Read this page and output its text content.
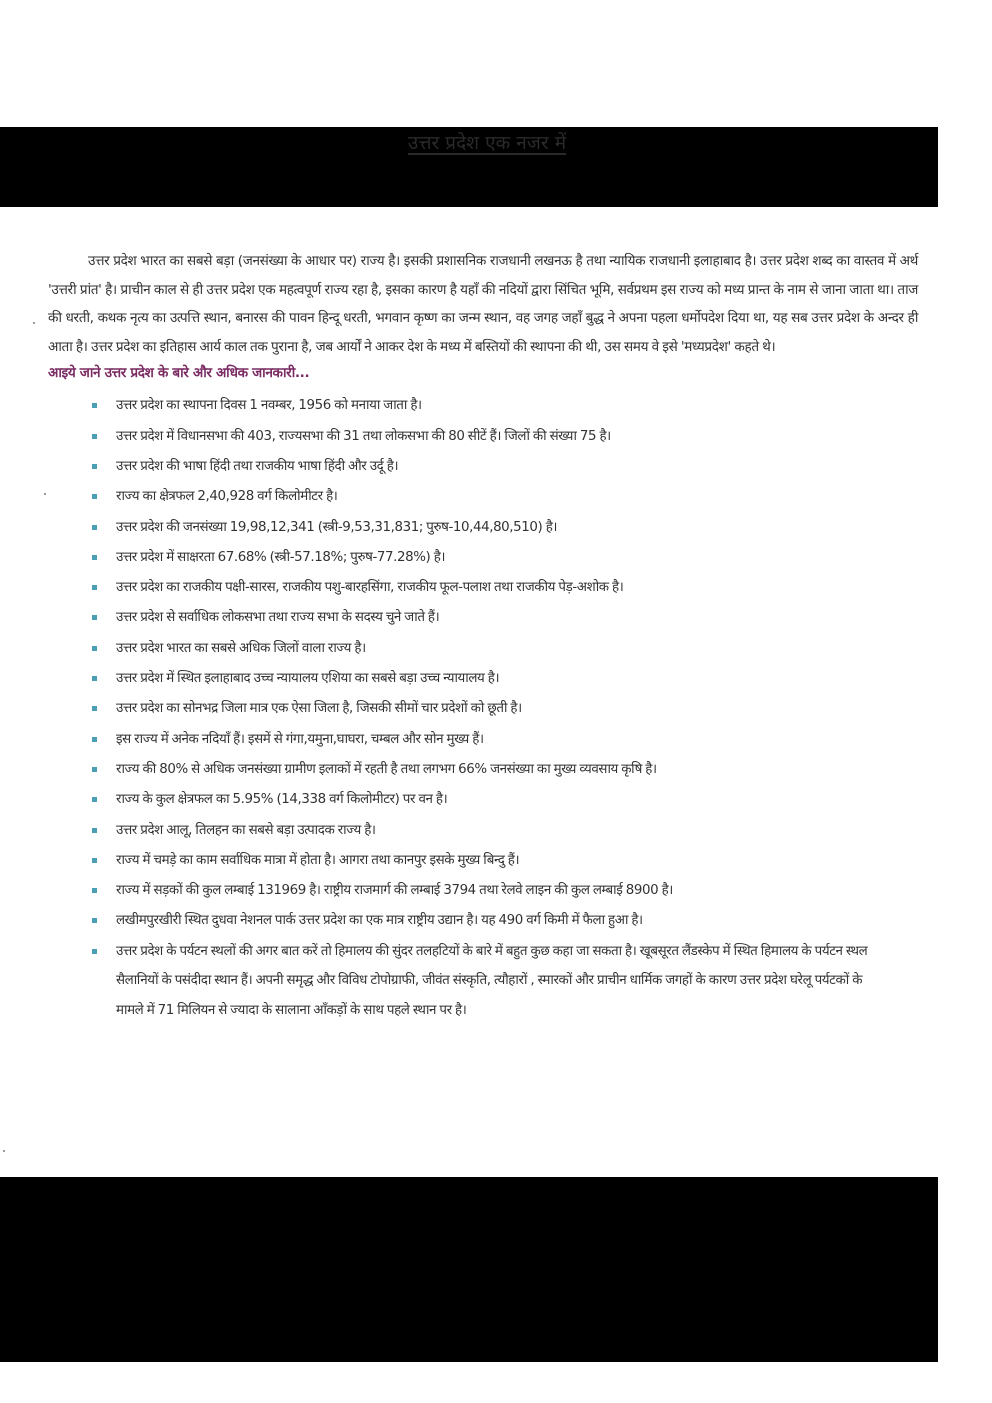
उत्तर प्रदेश एक नजर में

उत्तर प्रदेश भारत का सबसे बड़ा (जनसंख्या के आधार पर) राज्य है। इसकी प्रशासनिक राजधानी लखनऊ है तथा न्यायिक राजधानी इलाहाबाद है। उत्तर प्रदेश शब्द का वास्तव में अर्थ 'उत्तरी प्रांत' है। प्राचीन काल से ही उत्तर प्रदेश एक महत्वपूर्ण राज्य रहा है, इसका कारण है यहाँ की नदियों द्वारा सिंचित भूमि, सर्वप्रथम इस राज्य को मध्य प्रान्त के नाम से जाना जाता था। ताज की धरती, कथक नृत्य का उत्पत्ति स्थान, बनारस की पावन हिन्दू धरती, भगवान कृष्ण का जन्म स्थान, वह जगह जहाँ बुद्ध ने अपना पहला धर्मोपदेश दिया था, यह सब उत्तर प्रदेश के अन्दर ही आता है। उत्तर प्रदेश का इतिहास आर्य काल तक पुराना है, जब आर्यों ने आकर देश के मध्य में बस्तियों की स्थापना की थी, उस समय वे इसे 'मध्यप्रदेश' कहते थे।

आइये जाने उत्तर प्रदेश के बारे और अधिक जानकारी...

उत्तर प्रदेश का स्थापना दिवस 1 नवम्बर, 1956 को मनाया जाता है।
उत्तर प्रदेश में विधानसभा की 403, राज्यसभा की 31 तथा लोकसभा की 80 सीटें हैं। जिलों की संख्या 75 है।
उत्तर प्रदेश की भाषा हिंदी तथा राजकीय भाषा हिंदी और उर्दू है।
राज्य का क्षेत्रफल 2,40,928 वर्ग किलोमीटर है।
उत्तर प्रदेश की जनसंख्या 19,98,12,341 (स्त्री-9,53,31,831; पुरुष-10,44,80,510) है।
उत्तर प्रदेश में साक्षरता 67.68% (स्त्री-57.18%; पुरुष-77.28%) है।
उत्तर प्रदेश का राजकीय पक्षी-सारस, राजकीय पशु-बारहसिंगा, राजकीय फूल-पलाश तथा राजकीय पेड़-अशोक है।
उत्तर प्रदेश से सर्वाधिक लोकसभा तथा राज्य सभा के सदस्य चुने जाते हैं।
उत्तर प्रदेश भारत का सबसे अधिक जिलों वाला राज्य है।
उत्तर प्रदेश में स्थित इलाहाबाद उच्च न्यायालय एशिया का सबसे बड़ा उच्च न्यायालय है।
उत्तर प्रदेश का सोनभद्र जिला मात्र एक ऐसा जिला है, जिसकी सीमों चार प्रदेशों को छूती है।
इस राज्य में अनेक नदियाँ हैं। इसमें से गंगा,यमुना,घाघरा, चम्बल और सोन मुख्य हैं।
राज्य की 80% से अधिक जनसंख्या ग्रामीण इलाकों में रहती है तथा लगभग 66% जनसंख्या का मुख्य व्यवसाय कृषि है।
राज्य के कुल क्षेत्रफल का 5.95% (14,338 वर्ग किलोमीटर) पर वन है।
उत्तर प्रदेश आलू, तिलहन का सबसे बड़ा उत्पादक राज्य है।
राज्य में चमड़े का काम सर्वाधिक मात्रा में होता है। आगरा तथा कानपुर इसके मुख्य बिन्दु हैं।
राज्य में सड़कों की कुल लम्बाई 131969 है। राष्ट्रीय राजमार्ग की लम्बाई 3794 तथा रेलवे लाइन की कुल लम्बाई 8900 है।
लखीमपुरखीरी स्थित दुधवा नेशनल पार्क उत्तर प्रदेश का एक मात्र राष्ट्रीय उद्यान है। यह 490 वर्ग किमी में फैला हुआ है।
उत्तर प्रदेश के पर्यटन स्थलों की अगर बात करें तो हिमालय की सुंदर तलहटियों के बारे में बहुत कुछ कहा जा सकता है। खूबसूरत लैंडस्केप में स्थित हिमालय के पर्यटन स्थल सैलानियों के पसंदीदा स्थान हैं। अपनी समृद्ध और विविध टोपोग्राफी, जीवंत संस्कृति, त्यौहारों , स्मारकों और प्राचीन धार्मिक जगहों के कारण उत्तर प्रदेश घरेलू पर्यटकों के मामले में 71 मिलियन से ज्यादा के सालाना आँकड़ों के साथ पहले स्थान पर है।
